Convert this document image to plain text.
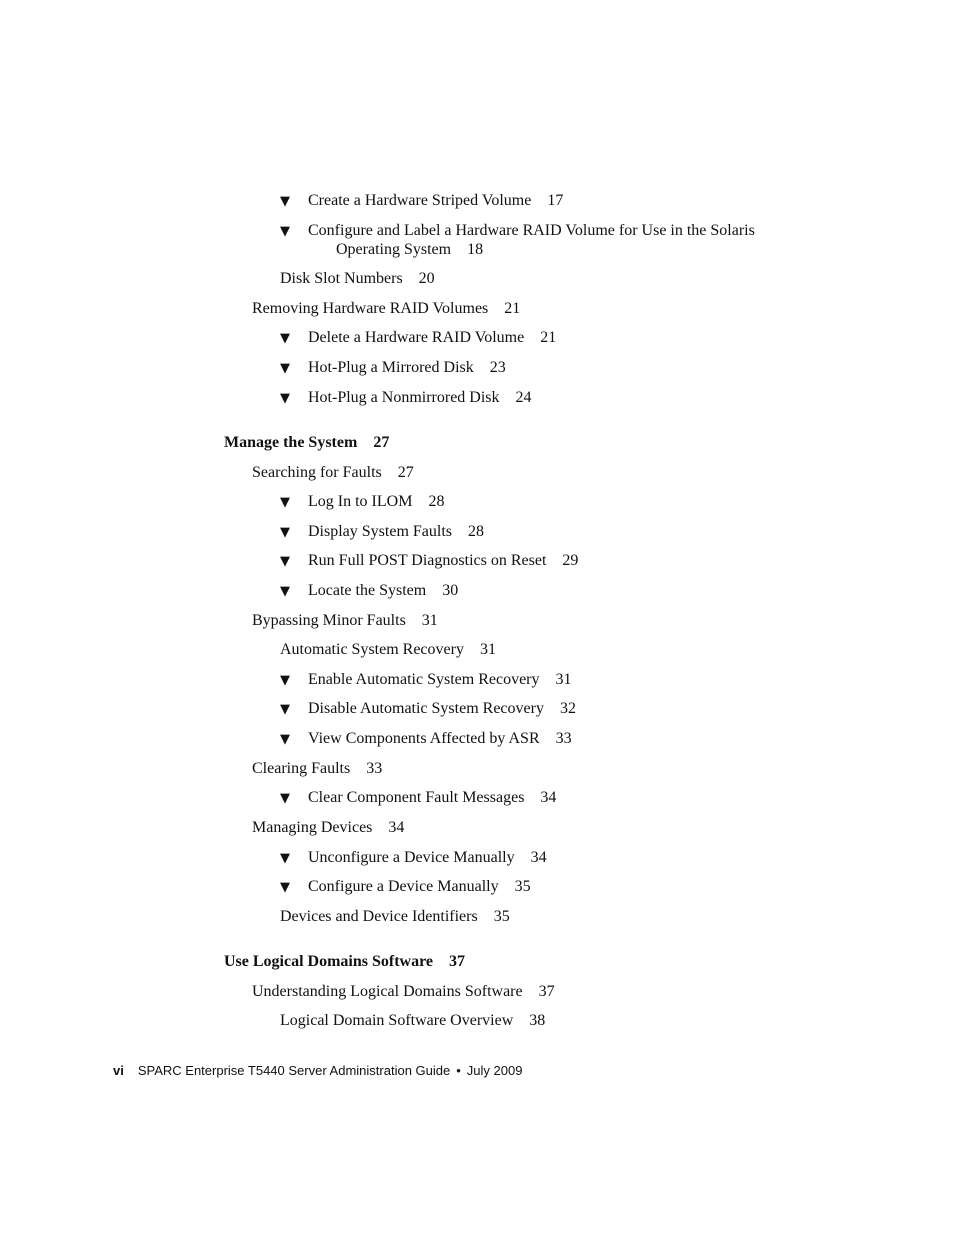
▼ Create a Hardware Striped Volume 17
▼ Configure and Label a Hardware RAID Volume for Use in the Solaris
Operating System 18
Disk Slot Numbers 20
Removing Hardware RAID Volumes 21
▼ Delete a Hardware RAID Volume 21
▼ Hot-Plug a Mirrored Disk 23
▼ Hot-Plug a Nonmirrored Disk 24
Manage the System 27
Searching for Faults 27
▼ Log In to ILOM 28
▼ Display System Faults 28
▼ Run Full POST Diagnostics on Reset 29
▼ Locate the System 30
Bypassing Minor Faults 31
Automatic System Recovery 31
▼ Enable Automatic System Recovery 31
▼ Disable Automatic System Recovery 32
▼ View Components Affected by ASR 33
Clearing Faults 33
▼ Clear Component Fault Messages 34
Managing Devices 34
▼ Unconfigure a Device Manually 34
▼ Configure a Device Manually 35
Devices and Device Identifiers 35
Use Logical Domains Software 37
Understanding Logical Domains Software 37
Logical Domain Software Overview 38
vi SPARC Enterprise T5440 Server Administration Guide • July 2009
